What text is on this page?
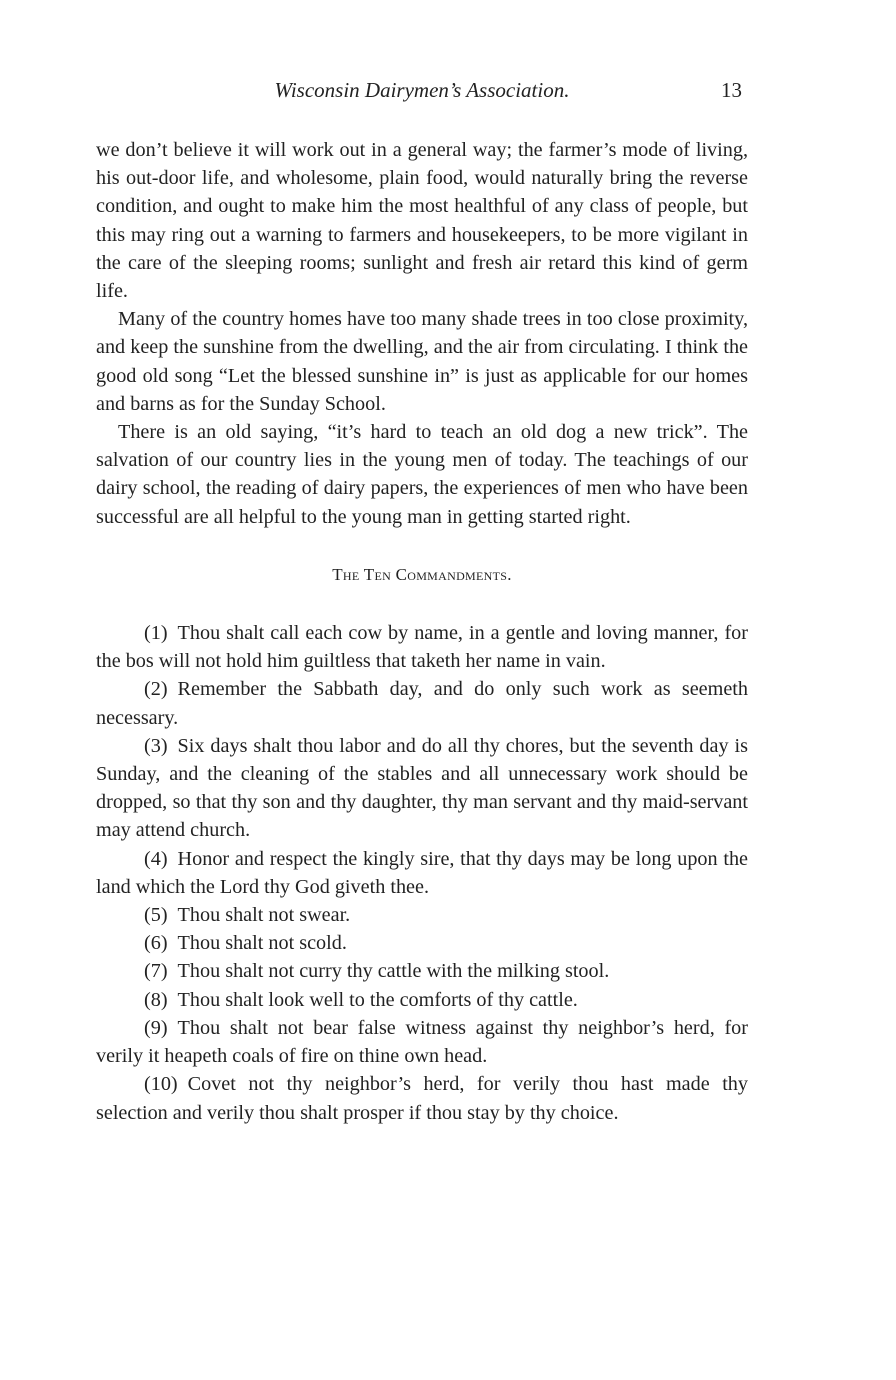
Wisconsin Dairymen’s Association.	13

we don’t believe it will work out in a general way; the farmer’s mode of living, his out-door life, and wholesome, plain food, would naturally bring the reverse condition, and ought to make him the most healthful of any class of people, but this may ring out a warning to farmers and housekeepers, to be more vigilant in the care of the sleeping rooms; sunlight and fresh air retard this kind of germ life.

Many of the country homes have too many shade trees in too close proximity, and keep the sunshine from the dwelling, and the air from circulating. I think the good old song “Let the blessed sunshine in” is just as applicable for our homes and barns as for the Sunday School.

There is an old saying, “it’s hard to teach an old dog a new trick”. The salvation of our country lies in the young men of today. The teachings of our dairy school, the reading of dairy papers, the experiences of men who have been successful are all helpful to the young man in getting started right.

The Ten Commandments.

(1) Thou shalt call each cow by name, in a gentle and loving manner, for the bos will not hold him guiltless that taketh her name in vain.

(2) Remember the Sabbath day, and do only such work as seemeth necessary.

(3) Six days shalt thou labor and do all thy chores, but the seventh day is Sunday, and the cleaning of the stables and all unnecessary work should be dropped, so that thy son and thy daughter, thy man servant and thy maid-servant may attend church.

(4) Honor and respect the kingly sire, that thy days may be long upon the land which the Lord thy God giveth thee.

(5) Thou shalt not swear.

(6) Thou shalt not scold.

(7) Thou shalt not curry thy cattle with the milking stool.

(8) Thou shalt look well to the comforts of thy cattle.

(9) Thou shalt not bear false witness against thy neighbor’s herd, for verily it heapeth coals of fire on thine own head.

(10) Covet not thy neighbor’s herd, for verily thou hast made thy selection and verily thou shalt prosper if thou stay by thy choice.
